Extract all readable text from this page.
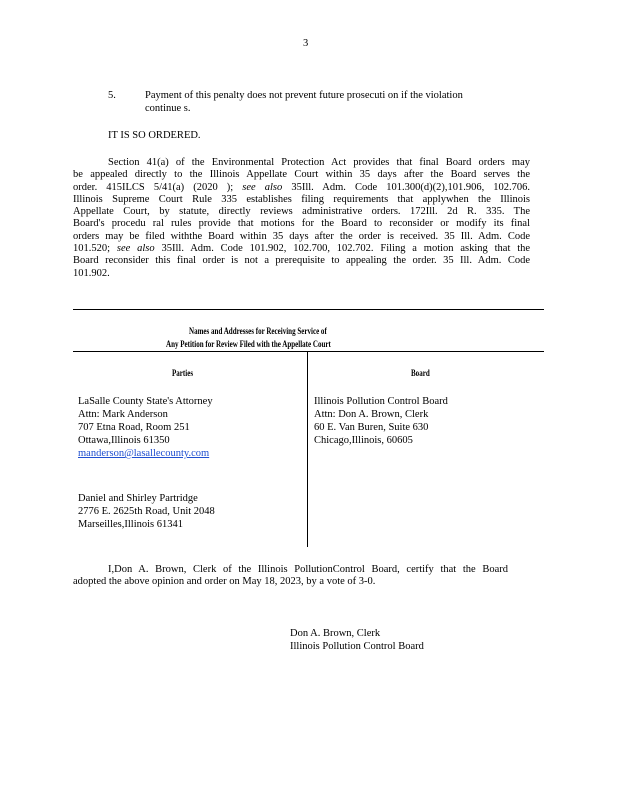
3
5.	Payment of this penalty does not prevent future prosecuti on if the violation
continue s.
IT IS SO ORDERED.
Section 41(a) of the Environmental Protection Act provides that final Board orders may
be appealed directly to the Illinois Appellate Court within 35 days after the Board serves the
order. 415ILCS 5/41(a) (2020 ); see also 35Ill. Adm. Code 101.300(d)(2),101.906, 102.706.
Illinois Supreme Court Rule 335 establishes filing requirements that applywhen the Illinois
Appellate Court, by statute, directly reviews administrative orders. 172Ill. 2d R. 335. The
Board's procedu ral rules provide that motions for the Board to reconsider or modify its final
orders may be filed withthe Board within 35 days after the order is received. 35 Ill. Adm. Code
101.520; see also 35Ill. Adm. Code 101.902, 102.700, 102.702. Filing a motion asking that the
Board reconsider this final order is not a prerequisite to appealing the order. 35 Ill. Adm. Code
101.902.
Names and Addresses for Receiving Service of
Any Petition for Review Filed with the Appellate Court
Parties	Board
LaSalle County State's Attorney
Attn: Mark Anderson
707 Etna Road, Room 251
Ottawa,Illinois 61350
manderson@lasallecounty.com
Daniel and Shirley Partridge
2776 E. 2625th Road, Unit 2048
Marseilles,Illinois 61341
Illinois Pollution Control Board
Attn: Don A. Brown, Clerk
60 E. Van Buren, Suite 630
Chicago,Illinois, 60605
I,Don A. Brown, Clerk of the Illinois PollutionControl Board, certify that the Board
adopted the above opinion and order on May 18, 2023, by a vote of 3-0.
Don A. Brown, Clerk
Illinois Pollution Control Board
